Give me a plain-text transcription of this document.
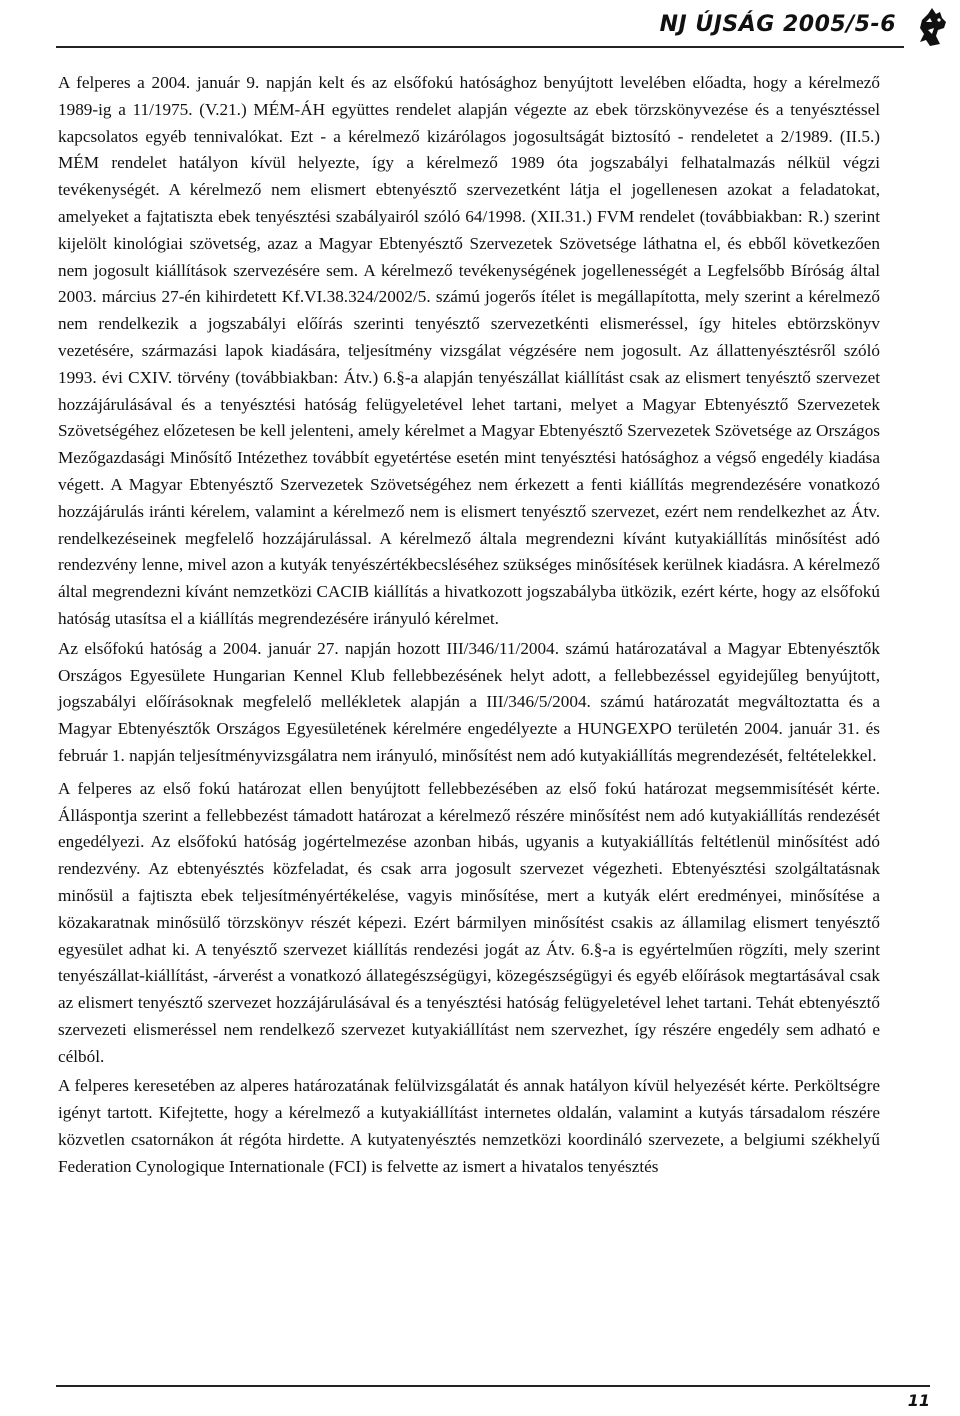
NJ ÚJSÁG 2005/5-6

A felperes a 2004. január 9. napján kelt és az elsőfokú hatósághoz benyújtott levelében előadta, hogy a kérelmező 1989-ig a 11/1975. (V.21.) MÉM-ÁH együttes rendelet alapján végezte az ebek törzskönyvezése és a tenyésztéssel kapcsolatos egyéb tennivalókat. Ezt - a kérelmező kizárólagos jogosultságát biztosító - rendeletet a 2/1989. (II.5.) MÉM rendelet hatályon kívül helyezte, így a kérelmező 1989 óta jogszabályi felhatalmazás nélkül végzi tevékenységét. A kérelmező nem elismert ebtenyésztő szervezetként látja el jogellenesen azokat a feladatokat, amelyeket a fajtatiszta ebek tenyésztési szabályairól szóló 64/1998. (XII.31.) FVM rendelet (továbbiakban: R.) szerint kijelölt kinológiai szövetség, azaz a Magyar Ebtenyésztő Szervezetek Szövetsége láthatna el, és ebből következően nem jogosult kiállítások szervezésére sem. A kérelmező tevékenységének jogellenességét a Legfelsőbb Bíróság által 2003. március 27-én kihirdetett Kf.VI.38.324/2002/5. számú jogerős ítélet is megállapította, mely szerint a kérelmező nem rendelkezik a jogszabályi előírás szerinti tenyésztő szervezetkénti elismeréssel, így hiteles ebtörzskönyv vezetésére, származási lapok kiadására, teljesítmény vizsgálat végzésére nem jogosult. Az állattenyésztésről szóló 1993. évi CXIV. törvény (továbbiakban: Átv.) 6.§-a alapján tenyészállat kiállítást csak az elismert tenyésztő szervezet hozzájárulásával és a tenyésztési hatóság felügyeletével lehet tartani, melyet a Magyar Ebtenyésztő Szervezetek Szövetségéhez előzetesen be kell jelenteni, amely kérelmet a Magyar Ebtenyésztő Szervezetek Szövetsége az Országos Mezőgazdasági Minősítő Intézethez továbbít egyetértése esetén mint tenyésztési hatósághoz a végső engedély kiadása végett. A Magyar Ebtenyésztő Szervezetek Szövetségéhez nem érkezett a fenti kiállítás megrendezésére vonatkozó hozzájárulás iránti kérelem, valamint a kérelmező nem is elismert tenyésztő szervezet, ezért nem rendelkezhet az Átv. rendelkezéseinek megfelelő hozzájárulással. A kérelmező általa megrendezni kívánt kutyakiállítás minősítést adó rendezvény lenne, mivel azon a kutyák tenyészértékbecsléséhez szükséges minősítések kerülnek kiadásra. A kérelmező által megrendezni kívánt nemzetközi CACIB kiállítás a hivatkozott jogszabályba ütközik, ezért kérte, hogy az elsőfokú hatóság utasítsa el a kiállítás megrendezésére irányuló kérelmet.

Az elsőfokú hatóság a 2004. január 27. napján hozott III/346/11/2004. számú határozatával a Magyar Ebtenyésztők Országos Egyesülete Hungarian Kennel Klub fellebbezésének helyt adott, a fellebbezéssel egyidejűleg benyújtott, jogszabályi előírásoknak megfelelő mellékletek alapján a III/346/5/2004. számú határozatát megváltoztatta és a Magyar Ebtenyésztők Országos Egyesületének kérelmére engedélyezte a HUNGEXPO területén 2004. január 31. és február 1. napján teljesítményvizsgálatra nem irányuló, minősítést nem adó kutyakiállítás megrendezését, feltételekkel.

A felperes az első fokú határozat ellen benyújtott fellebbezésében az első fokú határozat megsemmisítését kérte. Álláspontja szerint a fellebbezést támadott határozat a kérelmező részére minősítést nem adó kutyakiállítás rendezését engedélyezi. Az elsőfokú hatóság jogértelmezése azonban hibás, ugyanis a kutyakiállítás feltétlenül minősítést adó rendezvény. Az ebtenyésztés közfeladat, és csak arra jogosult szervezet végezheti. Ebtenyésztési szolgáltatásnak minősül a fajtiszta ebek teljesítményértékelése, vagyis minősítése, mert a kutyák elért eredményei, minősítése a közakaratnak minősülő törzskönyv részét képezi. Ezért bármilyen minősítést csakis az államilag elismert tenyésztő egyesület adhat ki. A tenyésztő szervezet kiállítás rendezési jogát az Átv. 6.§-a is egyértelműen rögzíti, mely szerint tenyészállat-kiállítást, -árverést a vonatkozó állategészségügyi, közegészségügyi és egyéb előírások megtartásával csak az elismert tenyésztő szervezet hozzájárulásával és a tenyésztési hatóság felügyeletével lehet tartani. Tehát ebtenyésztő szervezeti elismeréssel nem rendelkező szervezet kutyakiállítást nem szervezhet, így részére engedély sem adható e célból.

A felperes keresetében az alperes határozatának felülvizsgálatát és annak hatályon kívül helyezését kérte. Perköltségre igényt tartott. Kifejtette, hogy a kérelmező a kutyakiállítást internetes oldalán, valamint a kutyás társadalom részére közvetlen csatornákon át régóta hirdette. A kutyatenyésztés nemzetközi koordináló szervezete, a belgiumi székhelyű Federation Cynologique Internationale (FCI) is felvette az ismert a hivatalos tenyésztés

11
